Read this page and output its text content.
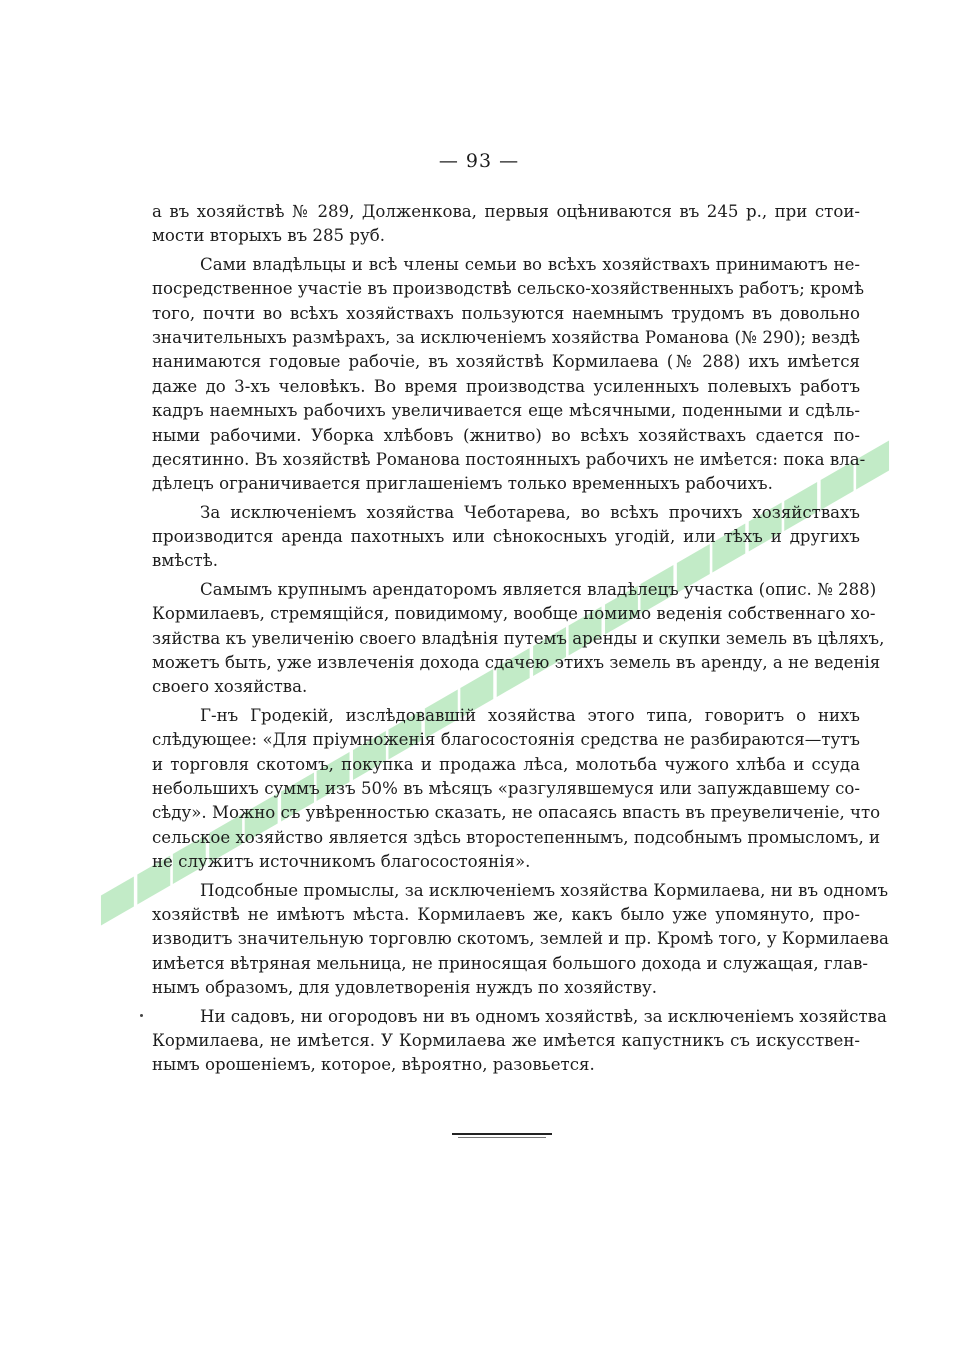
— 93 —
а въ хозяйствѣ № 289, Долженкова, первыя оцѣниваются въ 245 р., при стои-
мости вторыхъ въ 285 руб.
Сами владѣльцы и всѣ члены семьи во всѣхъ хозяйствахъ принимаютъ не-
посредственное участіе въ производствѣ сельско-хозяйственныхъ работъ; кромѣ
того, почти во всѣхъ хозяйствахъ пользуются наемнымъ трудомъ въ довольно
значительныхъ размѣрахъ, за исключеніемъ хозяйства Романова (№ 290); вездѣ
нанимаются годовые рабочіе, въ хозяйствѣ Кормилаева (№ 288) ихъ имѣется
даже до 3-хъ человѣкъ. Во время производства усиленныхъ полевыхъ работъ
кадръ наемныхъ рабочихъ увеличивается еще мѣсячными, поденными и сдѣль-
ными рабочими. Уборка хлѣбовъ (жнитво) во всѣхъ хозяйствахъ сдается по-
десятинно. Въ хозяйствѣ Романова постоянныхъ рабочихъ не имѣется: пока вла-
дѣлецъ ограничивается приглашеніемъ только временныхъ рабочихъ.
За исключеніемъ хозяйства Чеботарева, во всѣхъ прочихъ хозяйствахъ
производится аренда пахотныхъ или сѣнокосныхъ угодій, или тѣхъ и другихъ
вмѣстѣ.
Самымъ крупнымъ арендаторомъ является владѣлецъ участка (опис. № 288)
Кормилаевъ, стремящійся, повидимому, вообще помимо веденія собственнаго хо-
зяйства къ увеличенію своего владѣнія путемъ аренды и скупки земель въ цѣляхъ,
можетъ быть, уже извлеченія дохода сдачею этихъ земель въ аренду, а не веденія
своего хозяйства.
Г-нъ Гродекій, изслѣдовавшій хозяйства этого типа, говоритъ о нихъ
слѣдующее: «Для пріумноженія благосостоянія средства не разбираются—тутъ
и торговля скотомъ, покупка и продажа лѣса, молотьба чужого хлѣба и ссуда
небольшихъ суммъ изъ 50% въ мѣсяцъ «разгулявшемуся или запуждавшему со-
сѣду». Можно съ увѣренностью сказать, не опасаясь впасть въ преувеличеніе, что
сельское хозяйство является здѣсь второстепеннымъ, подсобнымъ промысломъ, и
не служитъ источникомъ благосостоянія».
Подсобные промыслы, за исключеніемъ хозяйства Кормилаева, ни въ одномъ
хозяйствѣ не имѣютъ мѣста. Кормилаевъ же, какъ было уже упомянуто, про-
изводитъ значительную торговлю скотомъ, землей и пр. Кромѣ того, у Кормилаева
имѣется вѣтряная мельница, не приносящая большого дохода и служащая, глав-
нымъ образомъ, для удовлетворенія нуждъ по хозяйству.
Ни садовъ, ни огородовъ ни въ одномъ хозяйствѣ, за исключеніемъ хозяйства
Кормилаева, не имѣется. У Кормилаева же имѣется капустникъ съ искусствен-
нымъ орошеніемъ, которое, вѣроятно, разовьется.
